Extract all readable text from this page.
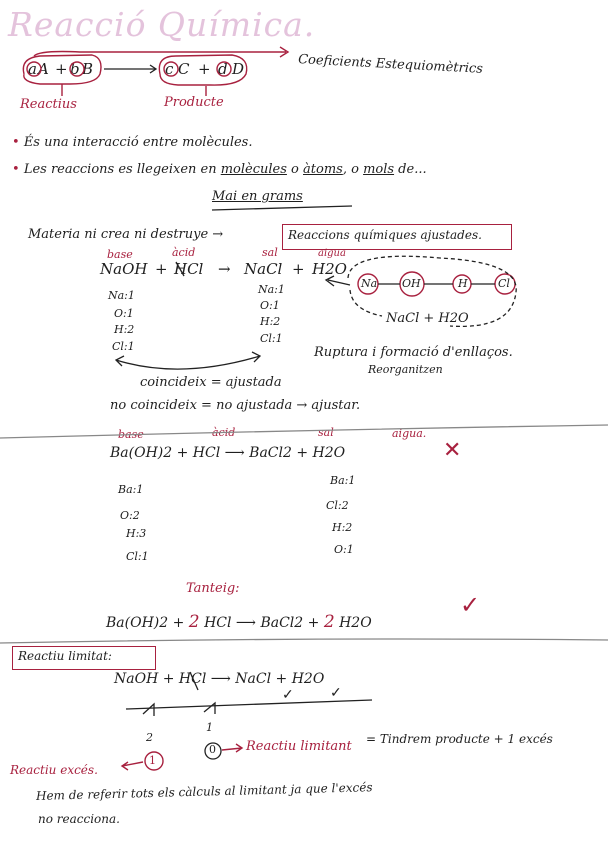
Reacció Química.
a A + b B	c C + d D	Coeficients Estequiomètrics
Reactius	Producte
• És una interacció entre molècules.
• Les reaccions es llegeixen en molècules o àtoms, o mols de...
Mai en grams
Materia ni crea ni destruye →	Reaccions químiques ajustades.
base	àcid	sal	aigua
NaOH + HCl → NaCl + H2O
Na:1
O:1
H:2
Cl:1
Na:1
O:1
H:2
Cl:1
Na OH	H	Cl
NaCl + H2O
Ruptura i formació d'enllaços.
Reorganitzen
coincideix = ajustada
no coincideix = no ajustada → ajustar.
base	àcid	sal	aigua.
Ba(OH)2 + HCl ⟶ BaCl2 + H2O	✕
Ba:1
O:2
H:3
Cl:1
Ba:1
Cl:2
H:2
O:1
Tanteig:
Ba(OH)2 + 2 HCl ⟶ BaCl2 + 2 H2O
✓
Reactiu limitat:
NaOH + HCl ⟶ NaCl + H2O
✓	✓
2
1
1
0 Reactiu limitant = Tindrem producte + 1 excés
Reactiu excés.
Hem de referir tots els càlculs al limitant ja que l'excés
no reacciona.
